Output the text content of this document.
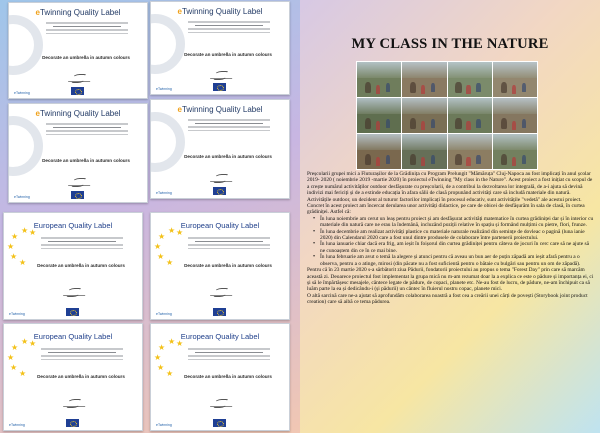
eTwinning Quality Label
Decorate an umbrella in autumn colours
eTwinning
eTwinning Quality Label
Decorate an umbrella in autumn colours
eTwinning
eTwinning Quality Label
Decorate an umbrella in autumn colours
eTwinning
eTwinning Quality Label
Decorate an umbrella in autumn colours
eTwinning
★
★
★
★
★
★
European Quality Label
Decorate an umbrella in autumn colours
eTwinning
★
★
★
★
★
★
European Quality Label
Decorate an umbrella in autumn colours
eTwinning
★
★
★
★
★
★
European Quality Label
Decorate an umbrella in autumn colours
eTwinning
★
★
★
★
★
★
European Quality Label
Decorate an umbrella in autumn colours
eTwinning
MY CLASS IN THE NATURE

Preșcolarii grupei mici a Fluturașilor de la Grădinița cu Program Prelungit "Mămăruța" Cluj-Napoca au fost implicați în anul școlar 2019- 2020 ( noiembrie 2019 -martie 2020) în proiectul eTwinning "My class in the Nature". Acest proiect a fost inițiat cu scopul de a crește numărul activităților outdoor desfășurate cu preșcolarii, de a contribui la dezvoltarea lor integrală, de a-i ajuta să devină indivizi mai fericiți și de a extinde educația în afara sălii de clasă propunând activități care să includă materiale din natură.

Activitățile outdoor, un dezident al tuturor factorilor implicați în procesul educativ, sunt activitățile "vedetă" ale acestui proiect.

Concret în acest proiect am încercat derularea unor activități didactice, pe care de obicei de desfășurăm în sala de clasă, în curtea grădiniței. Astfel că:

• În luna noiembrie am cerut un leaș pentru proiect și am desfășurat activități matematice în curtea grădiniței dar și în interior cu materiale din natură care ne erau la îndemână, incluzând poziții relative în spațiu și formând mulțimi cu pietre, flori, frunze.
• În luna decembrie am realizat activități plastice cu materiale naturale realizând din semințe de dovleac o pagină (luna ianie 2020) din Calendarul 2020 care a fost unul dintre produsele de colaborare între partenerii proiectului.
• În luna ianuarie chiar dacă era frig, am ieșit în foișorul din curtea grădiniței pentru câteva de jocuri în cerc care să ne ajute să ne cunoaștem din ce în ce mai bine.
• În luna februarie am avut o temă la alegere și atunci pentru că aveau un bun aer de puțin zăpadă am ieșit afară pentru a o observa, pentru a o atinge, mirosi (din păcate nu a fost suficientă pentru o bătaie cu bulgări sau pentru un om de zăpadă).

Pentru că în 23 martie 2020 s-a sărbătorit ziua Pădurii, fondatorii proiectului au propus o tema "Forest Day" prin care să marcăm această zi. Deoarece proiectul fost implementat la grupa mică nu m-am rezumat doar la a explica ce este o pădure și importanța ei, ci și să le împărtășesc mesajele, cântece legate de pădure, de copaci, planete etc. Ne-au fost de lucru, de pădure, ne-am închipuit ca să luăm parte la ea și dedicându-i (și pădurii) un cântec în fluierul nostru copac, planete mici.

O altă sarcină care ne-a ajutat să aprofundăm colaborarea noastră a fost cea a creării unei cărți de povești (Storybook joint product creation) care să aibă ce tema pădurea.
